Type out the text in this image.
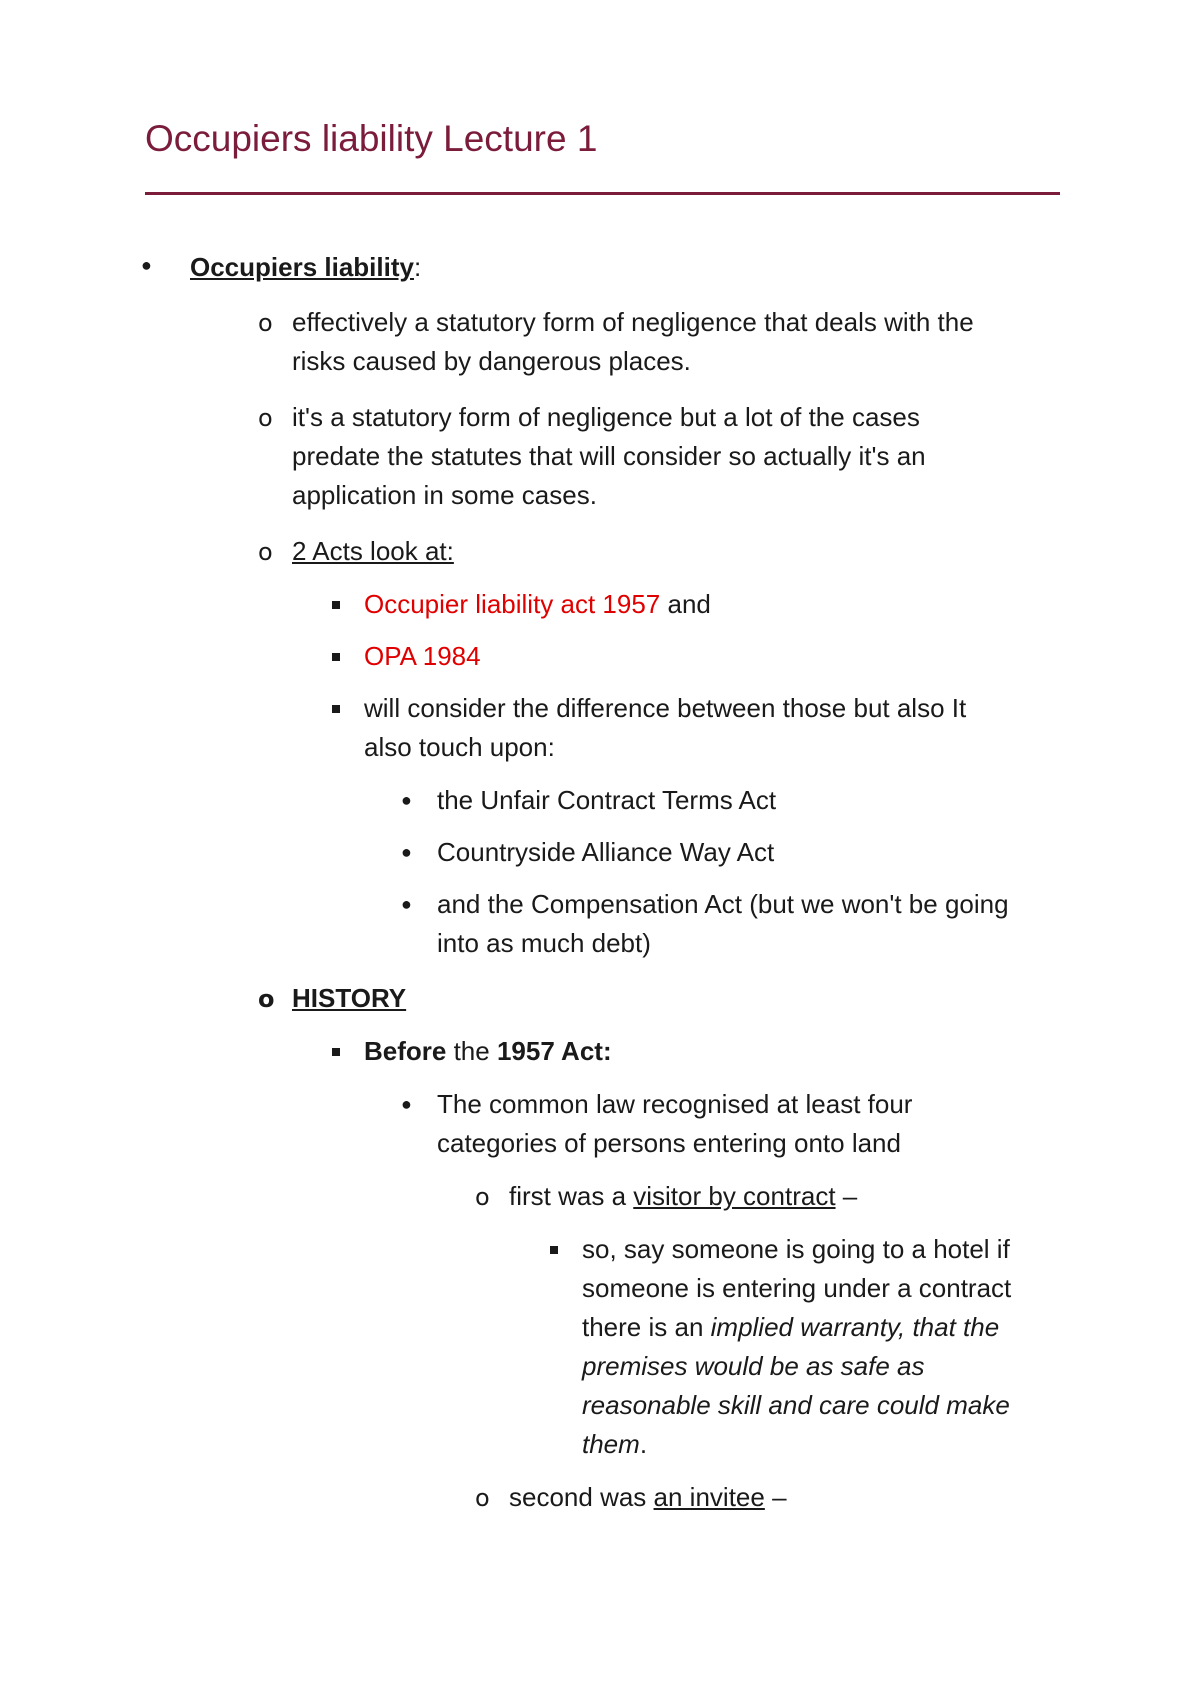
Occupiers liability Lecture 1
● Occupiers liability:
o effectively a statutory form of negligence that deals with the
risks caused by dangerous places.
o it's a statutory form of negligence but a lot of the cases
predate the statutes that will consider so actually it's an
application in some cases.
o 2 Acts look at:
Occupier liability act 1957 and
OPA 1984
will consider the difference between those but also It
also touch upon:
● the Unfair Contract Terms Act
● Countryside Alliance Way Act
● and the Compensation Act (but we won't be going
into as much debt)
o HISTORY
Before the 1957 Act:
● The common law recognised at least four
categories of persons entering onto land
o first was a visitor by contract –
so, say someone is going to a hotel if
someone is entering under a contract
there is an implied warranty, that the
premises would be as safe as
reasonable skill and care could make
them.
o second was an invitee –
